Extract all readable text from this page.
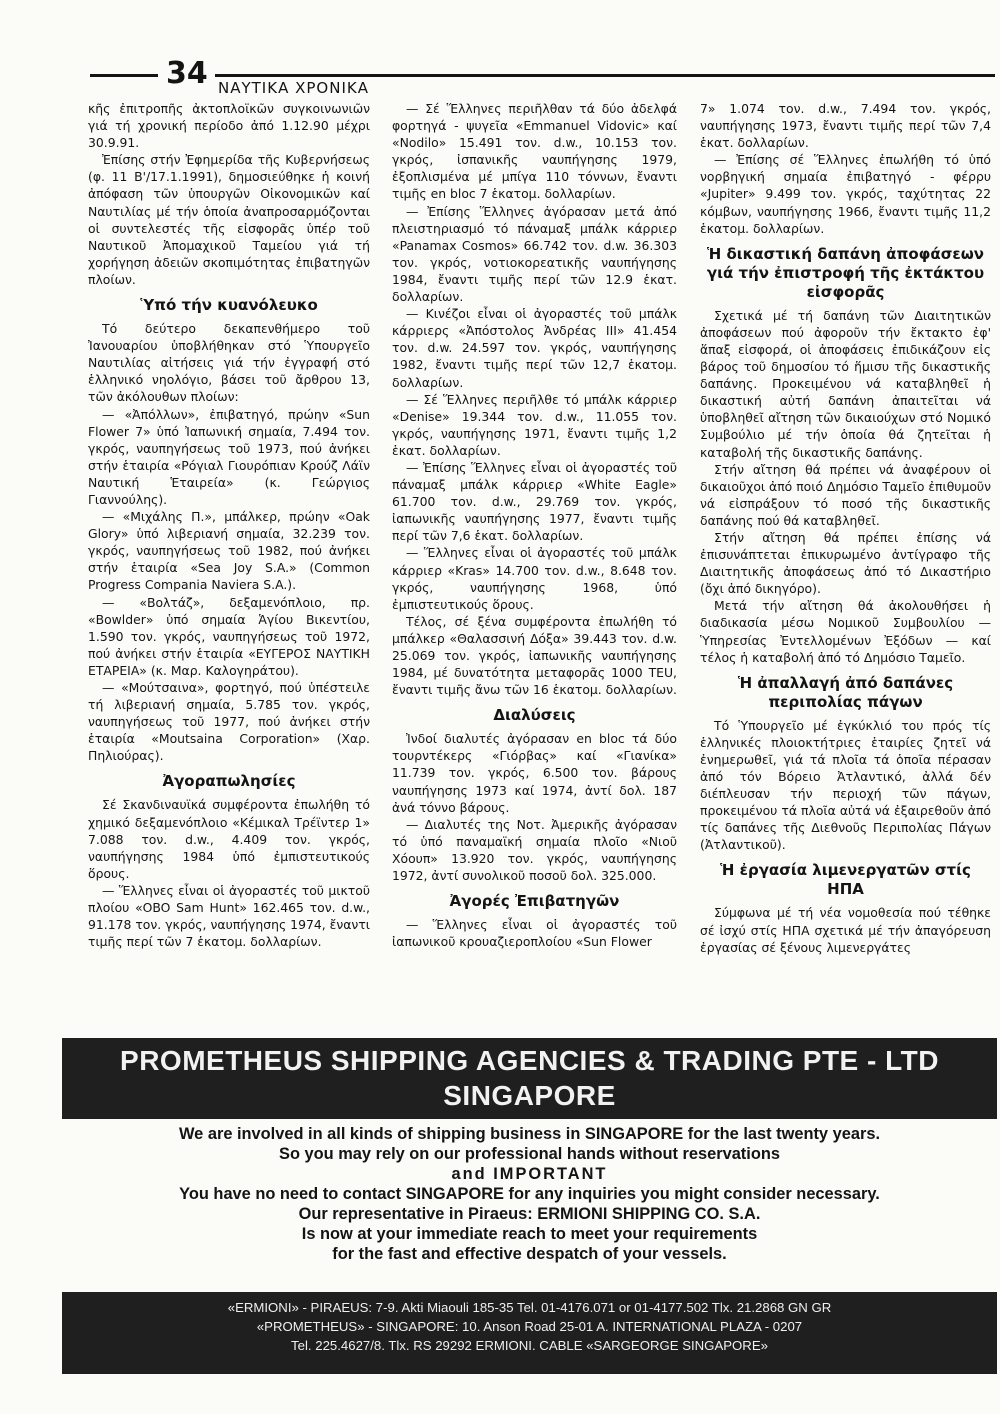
34 ΝΑΥΤΙΚΑ ΧΡΟΝΙΚΑ

κῆς ἐπιτροπῆς ἀκτοπλοϊκῶν συγκοινωνιῶν γιά τή χρονική περίοδο ἀπό 1.12.90 μέχρι 30.9.91.

Ἐπίσης στήν Ἐφημερίδα τῆς Κυβερνήσεως (φ. 11 Β'/17.1.1991), δημοσιεύθηκε ἡ κοινή ἀπόφαση τῶν ὑπουργῶν Οἰκονομικῶν καί Ναυτιλίας μέ τήν ὁποία ἀναπροσαρμόζονται οἱ συντελεστές τῆς εἰσφορᾶς ὑπέρ τοῦ Ναυτικοῦ Ἀπομαχικοῦ Ταμείου γιά τή χορήγηση ἀδειῶν σκοπιμότητας ἐπιβατηγῶν πλοίων.

Ὑπό τήν κυανόλευκο

Τό δεύτερο δεκαπενθήμερο τοῦ Ἰανουαρίου ὑποβλήθηκαν στό Ὑπουργεῖο Ναυτιλίας αἰτήσεις γιά τήν ἐγγραφή στό ἑλληνικό νηολόγιο, βάσει τοῦ ἄρθρου 13, τῶν ἀκόλουθων πλοίων:

— «Ἀπόλλων», ἐπιβατηγό, πρώην «Sun Flower 7» ὑπό Ἰαπωνική σημαία, 7.494 τον. γκρός, ναυπηγήσεως τοῦ 1973, πού ἀνήκει στήν ἑταιρία «Ρόγιαλ Γιουρόπιαν Κρούζ Λάϊν Ναυτική Ἑταιρεία» (κ. Γεώργιος Γιαννούλης).

— «Μιχάλης Π.», μπάλκερ, πρώην «Oak Glory» ὑπό λιβεριανή σημαία, 32.239 τον. γκρός, ναυπηγήσεως τοῦ 1982, πού ἀνήκει στήν ἑταιρία «Sea Joy S.A.» (Common Progress Compania Naviera S.A.).

— «Βολτάζ», δεξαμενόπλοιο, πρ. «Bowlder» ὑπό σημαία Ἁγίου Βικεντίου, 1.590 τον. γκρός, ναυπηγήσεως τοῦ 1972, πού ἀνήκει στήν ἑταιρία «ΕΥΓΕΡΟΣ ΝΑΥΤΙΚΗ ΕΤΑΡΕΙΑ» (κ. Μαρ. Καλογηράτου).

— «Μούτσαινα», φορτηγό, πού ὑπέστειλε τή λιβεριανή σημαία, 5.785 τον. γκρός, ναυπηγήσεως τοῦ 1977, πού ἀνήκει στήν ἑταιρία «Moutsaina Corporation» (Χαρ. Πηλιούρας).

Ἀγοραπωλησίες

Σέ Σκανδιναυϊκά συμφέροντα ἐπωλήθη τό χημικό δεξαμενόπλοιο «Κέμικαλ Τρέϊντερ 1» 7.088 τον. d.w., 4.409 τον. γκρός, ναυπήγησης 1984 ὑπό ἐμπιστευτικούς ὅρους.

— Ἕλληνες εἶναι οἱ ἀγοραστές τοῦ μικτοῦ πλοίου «OBO Sam Hunt» 162.465 τον. d.w., 91.178 τον. γκρός, ναυπήγησης 1974, ἔναντι τιμῆς περί τῶν 7 ἑκατομ. δολλαρίων.

— Σέ Ἕλληνες περιῆλθαν τά δύο ἀδελφά φορτηγά - ψυγεῖα «Emmanuel Vidovic» καί «Nodilo» 15.491 τον. d.w., 10.153 τον. γκρός, ἰσπανικῆς ναυπήγησης 1979, ἐξοπλισμένα μέ μπίγα 110 τόννων, ἔναντι τιμῆς en bloc 7 ἑκατομ. δολλαρίων.

— Ἐπίσης Ἕλληνες ἀγόρασαν μετά ἀπό πλειστηριασμό τό πάναμαξ μπάλκ κάρριερ «Panamax Cosmos» 66.742 τον. d.w. 36.303 τον. γκρός, νοτιοκορεατικῆς ναυπήγησης 1984, ἔναντι τιμῆς περί τῶν 12.9 ἑκατ. δολλαρίων.

— Κινέζοι εἶναι οἱ ἀγοραστές τοῦ μπάλκ κάρριερς «Ἀπόστολος Ἀνδρέας ΙΙΙ» 41.454 τον. d.w. 24.597 τον. γκρός, ναυπήγησης 1982, ἔναντι τιμῆς περί τῶν 12,7 ἑκατομ. δολλαρίων.

— Σέ Ἕλληνες περιῆλθε τό μπάλκ κάρριερ «Denise» 19.344 τον. d.w., 11.055 τον. γκρός, ναυπήγησης 1971, ἔναντι τιμῆς 1,2 ἑκατ. δολλαρίων.

— Ἐπίσης Ἕλληνες εἶναι οἱ ἀγοραστές τοῦ πάναμαξ μπάλκ κάρριερ «White Eagle» 61.700 τον. d.w., 29.769 τον. γκρός, ἰαπωνικῆς ναυπήγησης 1977, ἔναντι τιμῆς περί τῶν 7,6 ἑκατ. δολλαρίων.

— Ἕλληνες εἶναι οἱ ἀγοραστές τοῦ μπάλκ κάρριερ «Kras» 14.700 τον. d.w., 8.648 τον. γκρός, ναυπήγησης 1968, ὑπό ἐμπιστευτικούς ὅρους.

Τέλος, σέ ξένα συμφέροντα ἐπωλήθη τό μπάλκερ «Θαλασσινή Δόξα» 39.443 τον. d.w. 25.069 τον. γκρός, ἰαπωνικῆς ναυπήγησης 1984, μέ δυνατότητα μεταφορᾶς 1000 TEU, ἔναντι τιμῆς ἄνω τῶν 16 ἑκατομ. δολλαρίων.

Διαλύσεις

Ἰνδοί διαλυτές ἀγόρασαν en bloc τά δύο τουρντέκερς «Γιόρβας» καί «Γιανίκα» 11.739 τον. γκρός, 6.500 τον. βάρους ναυπήγησης 1973 καί 1974, ἀντί δολ. 187 ἀνά τόννο βάρους.

— Διαλυτές της Νοτ. Ἀμερικῆς ἀγόρασαν τό ὑπό παναμαϊκή σημαία πλοῖο «Νιοῦ Χόουπ» 13.920 τον. γκρός, ναυπήγησης 1972, ἀντί συνολικοῦ ποσοῦ δολ. 325.000.

Ἀγορές Ἐπιβατηγῶν

— Ἕλληνες εἶναι οἱ ἀγοραστές τοῦ ἰαπωνικοῦ κρουαζιεροπλοίου «Sun Flower

7» 1.074 τον. d.w., 7.494 τον. γκρός, ναυπήγησης 1973, ἔναντι τιμῆς περί τῶν 7,4 ἑκατ. δολλαρίων.

— Ἐπίσης σέ Ἕλληνες ἐπωλήθη τό ὑπό νορβηγική σημαία ἐπιβατηγό - φέρρυ «Jupiter» 9.499 τον. γκρός, ταχύτητας 22 κόμβων, ναυπήγησης 1966, ἔναντι τιμῆς 11,2 ἑκατομ. δολλαρίων.

Ἡ δικαστική δαπάνη ἀποφάσεων γιά τήν ἐπιστροφή τῆς ἐκτάκτου εἰσφορᾶς

Σχετικά μέ τή δαπάνη τῶν Διαιτητικῶν ἀποφάσεων πού ἀφοροῦν τήν ἔκτακτο ἐφ' ἅπαξ εἰσφορά, οἱ ἀποφάσεις ἐπιδικάζουν εἰς βάρος τοῦ δημοσίου τό ἥμισυ τῆς δικαστικῆς δαπάνης. Προκειμένου νά καταβληθεῖ ἡ δικαστική αὐτή δαπάνη ἀπαιτεῖται νά ὑποβληθεῖ αἴτηση τῶν δικαιούχων στό Νομικό Συμβούλιο μέ τήν ὁποία θά ζητεῖται ἡ καταβολή τῆς δικαστικῆς δαπάνης.

Στήν αἴτηση θά πρέπει νά ἀναφέρουν οἱ δικαιοῦχοι ἀπό ποιό Δημόσιο Ταμεῖο ἐπιθυμοῦν νά εἰσπράξουν τό ποσό τῆς δικαστικῆς δαπάνης πού θά καταβληθεῖ.

Στήν αἴτηση θά πρέπει ἐπίσης νά ἐπισυνάπτεται ἐπικυρωμένο ἀντίγραφο τῆς Διαιτητικῆς ἀποφάσεως ἀπό τό Δικαστήριο (ὄχι ἀπό δικηγόρο).

Μετά τήν αἴτηση θά ἀκολουθήσει ἡ διαδικασία μέσω Νομικοῦ Συμβουλίου — Ὑπηρεσίας Ἐντελλομένων Ἐξόδων — καί τέλος ἡ καταβολή ἀπό τό Δημόσιο Ταμεῖο.

Ἡ ἀπαλλαγή ἀπό δαπάνες περιπολίας πάγων

Τό Ὑπουργεῖο μέ ἐγκύκλιό του πρός τίς ἑλληνικές πλοιοκτήτριες ἑταιρίες ζητεῖ νά ἐνημερωθεῖ, γιά τά πλοῖα τά ὁποῖα πέρασαν ἀπό τόν Βόρειο Ἀτλαντικό, ἀλλά δέν διέπλευσαν τήν περιοχή τῶν πάγων, προκειμένου τά πλοῖα αὐτά νά ἐξαιρεθοῦν ἀπό τίς δαπάνες τῆς Διεθνοῦς Περιπολίας Πάγων (Ἀτλαντικοῦ).

Ἡ ἐργασία λιμενεργατῶν στίς ΗΠΑ

Σύμφωνα μέ τή νέα νομοθεσία πού τέθηκε σέ ἰσχύ στίς ΗΠΑ σχετικά μέ τήν ἀπαγόρευση ἐργασίας σέ ξένους λιμενεργάτες

PROMETHEUS SHIPPING AGENCIES & TRADING PTE - LTD
SINGAPORE
We are involved in all kinds of shipping business in SINGAPORE for the last twenty years.
So you may rely on our professional hands without reservations
and IMPORTANT
You have no need to contact SINGAPORE for any inquiries you might consider necessary.
Our representative in Piraeus: ERMIONI SHIPPING CO. S.A.
Is now at your immediate reach to meet your requirements
for the fast and effective despatch of your vessels.
«ERMIONI» - PIRAEUS: 7-9. Akti Miaouli 185-35 Tel. 01-4176.071 or 01-4177.502 Tlx. 21.2868 GN GR
«PROMETHEUS» - SINGAPORE: 10. Anson Road 25-01 A. INTERNATIONAL PLAZA - 0207
Tel. 225.4627/8. Tlx. RS 29292 ERMIONI. CABLE «SARGEORGE SINGAPORE»
